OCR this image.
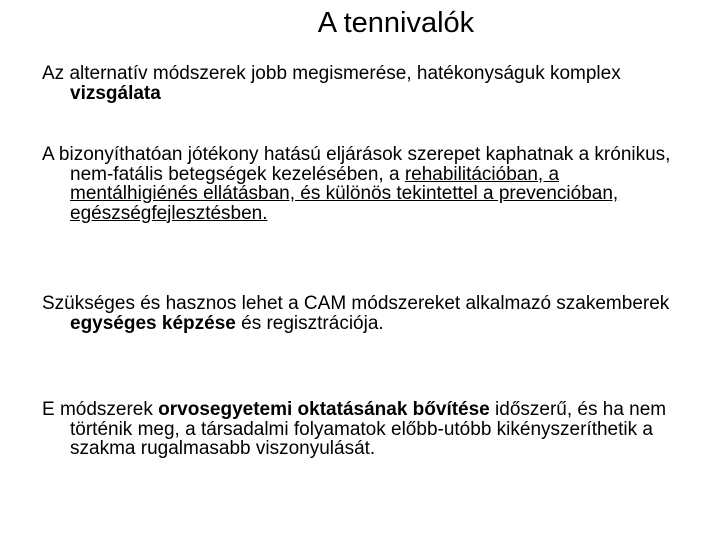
A tennivalók

Az alternatív módszerek jobb megismerése, hatékonyságuk komplex vizsgálata

A bizonyíthatóan jótékony hatású eljárások szerepet kaphatnak a krónikus, nem-fatális betegségek kezelésében, a rehabilitációban, a mentálhigiénés ellátásban, és különös tekintettel a prevencióban, egészségfejlesztésben.

Szükséges és hasznos lehet a CAM módszereket alkalmazó szakemberek egységes képzése és regisztrációja.

E módszerek orvosegyetemi oktatásának bővítése időszerű, és ha nem történik meg, a társadalmi folyamatok előbb-utóbb kikényszeríthetik a szakma rugalmasabb viszonyulását.
